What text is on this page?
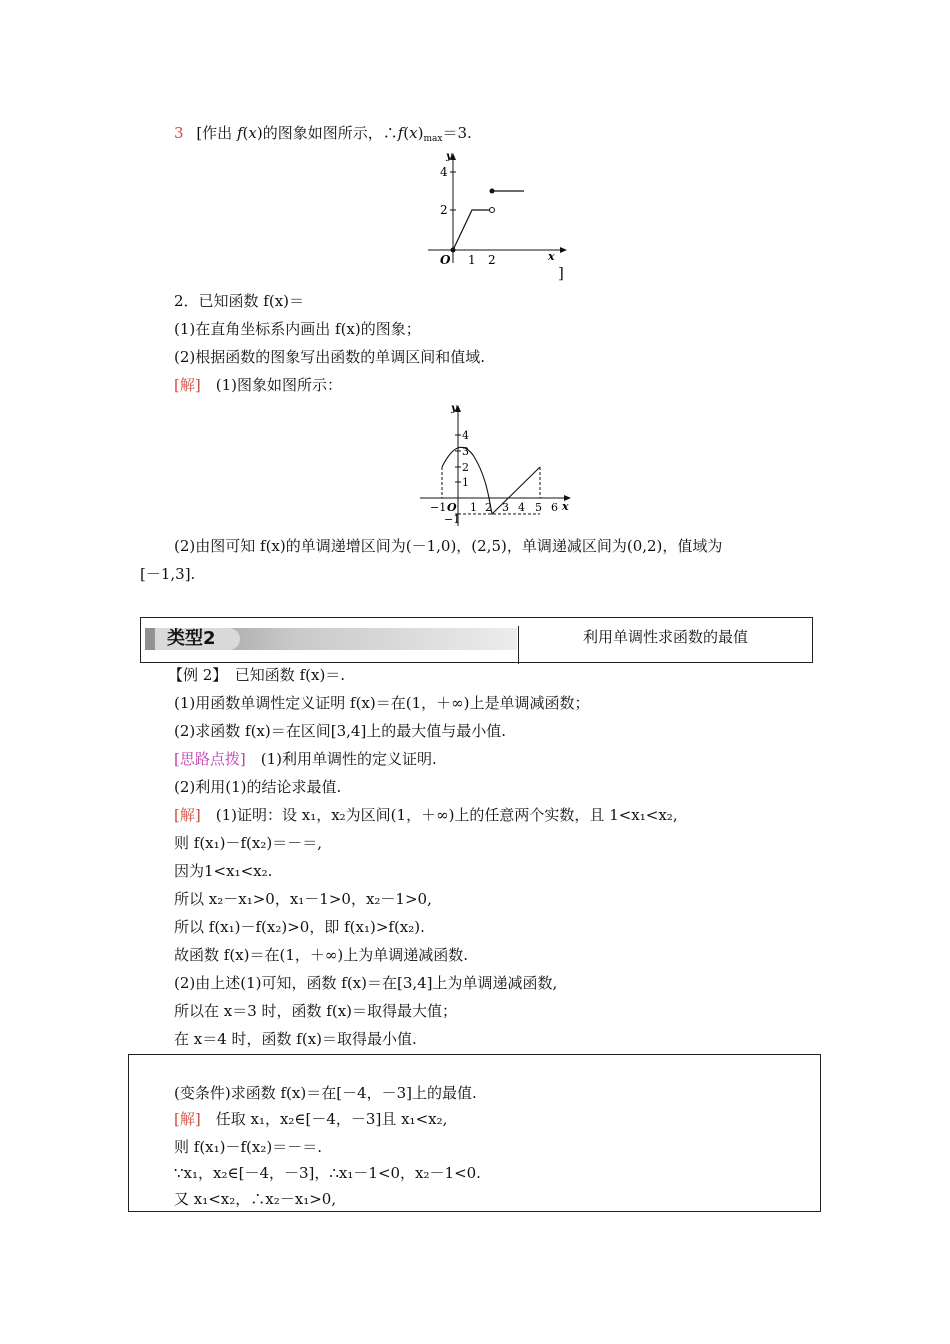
3 [作出 f(x)的图象如图所示，$\therefore f(x)_{max}=3$.
O 1 2
4
2
x
y
]
2．已知函数 f(x)＝
(1)在直角坐标系内画出 f(x)的图象；
(2)根据函数的图象写出函数的单调区间和值域.
[解]　(1)图象如图所示：
−1 O 1 2 3 4 5 6
4
3
2
1
−1
x
y
(2)由图可知 f(x)的单调递增区间为(－1,0)，(2,5)，单调递减区间为(0,2)，值域为
[－1,3].
类型2	利用单调性求函数的最值
【例 2】　已知函数 f(x)＝.
(1)用函数单调性定义证明 f(x)＝在(1，＋∞)上是单调减函数；
(2)求函数 f(x)＝在区间[3,4]上的最大值与最小值.
[思路点拨]　(1)利用单调性的定义证明.
(2)利用(1)的结论求最值.
[解]　(1)证明：设 x₁，x₂为区间(1，＋∞)上的任意两个实数，且 1<x₁<x₂,
则 f(x₁)－f(x₂)＝－＝,
因为1<x₁<x₂.
所以 x₂－x₁>0，x₁－1>0，x₂－1>0,
所以 f(x₁)－f(x₂)>0，即 f(x₁)>f(x₂).
故函数 f(x)＝在(1，＋∞)上为单调递减函数.
(2)由上述(1)可知，函数 f(x)＝在[3,4]上为单调递减函数,
所以在 x＝3 时，函数 f(x)＝取得最大值；
在 x＝4 时，函数 f(x)＝取得最小值.
(变条件)求函数 f(x)＝在[－4，－3]上的最值.
[解]　任取 x₁，x₂∈[－4，－3]且 x₁<x₂,
则 f(x₁)－f(x₂)＝－＝.
∵x₁，x₂∈[－4，－3]，∴x₁－1<0，x₂－1<0.
又 x₁<x₂，∴x₂－x₁>0,
